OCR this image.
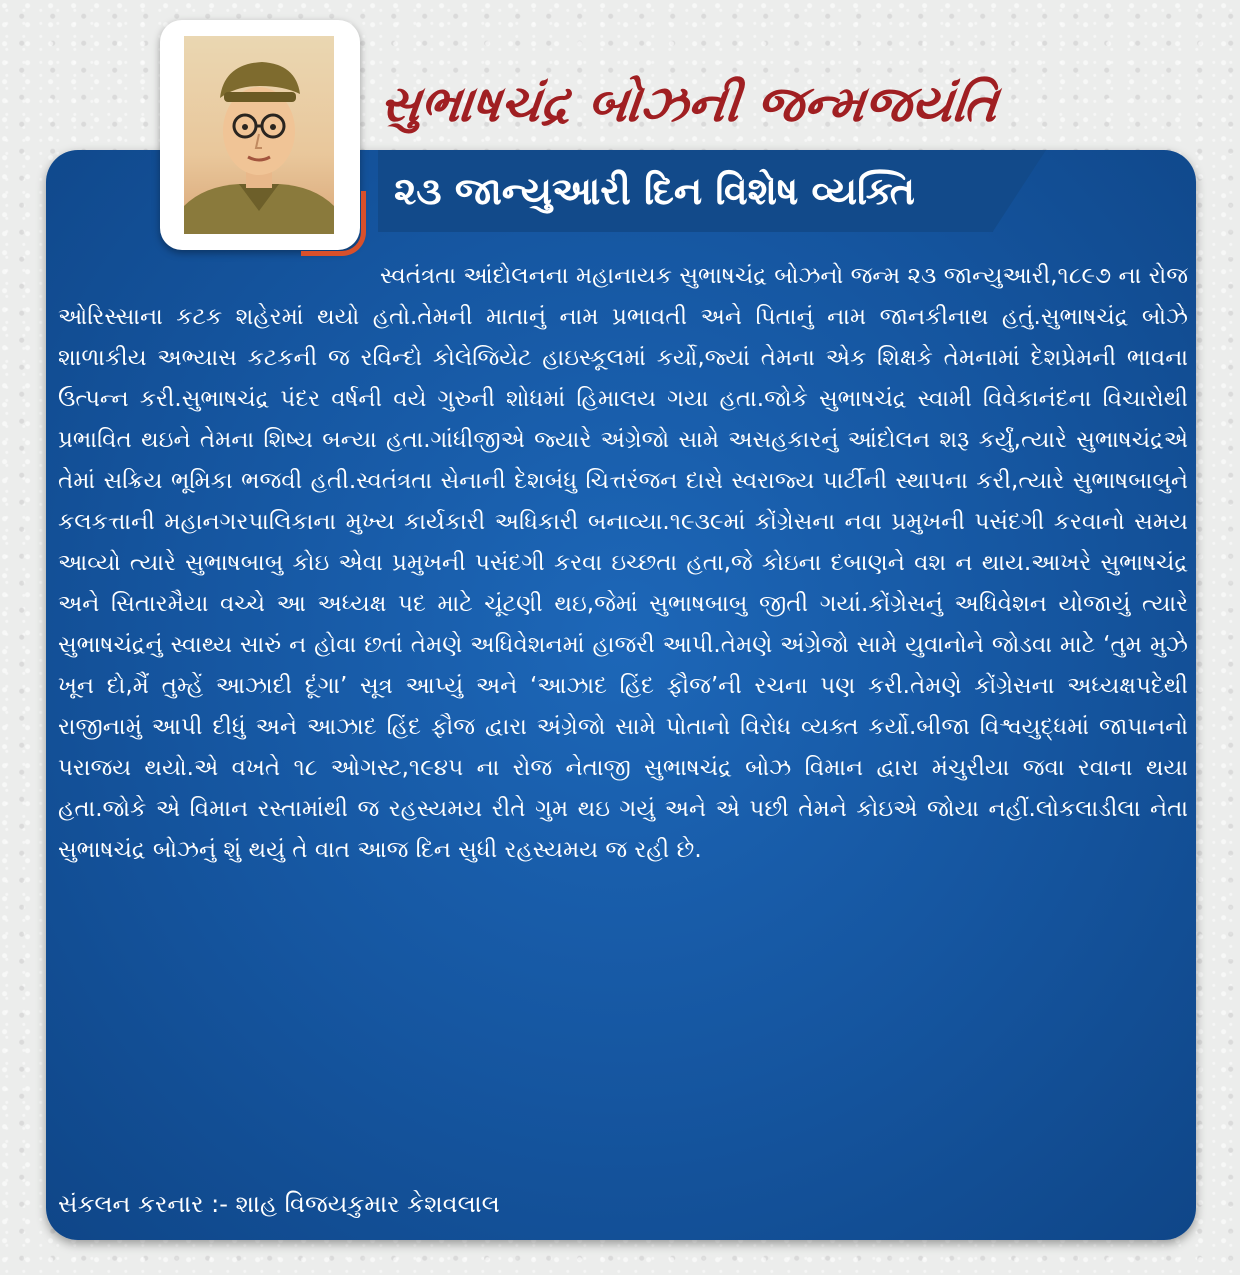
સુભાષચંદ્ર બોઝની જન્મજયંતિ
૨૩ જાન્યુઆરી દિન વિશેષ વ્યક્તિ

સ્વતંત્રતા આંદોલનના મહાનાયક સુભાષચંદ્ર બોઝનો જન્મ ૨૩ જાન્યુઆરી,૧૮૯૭ ના રોજ ઓરિસ્સાના કટક શહેરમાં થયો હતો.તેમની માતાનું નામ પ્રભાવતી અને પિતાનું નામ જાનકીનાથ હતું.સુભાષચંદ્ર બોઝે શાળાકીય અભ્યાસ કટકની જ રવિન્દો કોલેજિયેટ હાઇસ્કૂલમાં કર્યો,જ્યાં તેમના એક શિક્ષકે તેમનામાં દેશપ્રેમની ભાવના ઉત્પન્ન કરી.સુભાષચંદ્ર પંદર વર્ષની વયે ગુરુની શોધમાં હિમાલય ગયા હતા.જોકે સુભાષચંદ્ર સ્વામી વિવેકાનંદના વિચારોથી પ્રભાવિત થઇને તેમના શિષ્ય બન્યા હતા.ગાંધીજીએ જ્યારે અંગ્રેજો સામે અસહકારનું આંદોલન શરૂ કર્યું,ત્યારે સુભાષચંદ્રએ તેમાં સક્રિય ભૂમિકા ભજવી હતી.સ્વતંત્રતા સેનાની દેશબંધુ ચિત્તરંજન દાસે સ્વરાજ્ય પાર્ટીની સ્થાપના કરી,ત્યારે સુભાષબાબુને કલકત્તાની મહાનગરપાલિકાના મુખ્ય કાર્યકારી અધિકારી બનાવ્યા.૧૯૩૯માં કોંગ્રેસના નવા પ્રમુખની પસંદગી કરવાનો સમય આવ્યો ત્યારે સુભાષબાબુ કોઇ એવા પ્રમુખની પસંદગી કરવા ઇચ્છતા હતા,જે કોઇના દબાણને વશ ન થાય.આખરે સુભાષચંદ્ર અને સિતારમૈયા વચ્ચે આ અધ્યક્ષ પદ માટે ચૂંટણી થઇ,જેમાં સુભાષબાબુ જીતી ગયાં.કોંગ્રેસનું અધિવેશન યોજાયું ત્યારે સુભાષચંદ્રનું સ્વાથ્ય સારું ન હોવા છતાં તેમણે અધિવેશનમાં હાજરી આપી.તેમણે અંગ્રેજો સામે યુવાનોને જોડવા માટે ‘તુમ મુઝે ખૂન દો,મૈં તુમ્હેં આઝાદી દૂંગા’ સૂત્ર આપ્યું અને ‘આઝાદ હિંદ ફૌજ’ની રચના પણ કરી.તેમણે કોંગ્રેસના અધ્યક્ષપદેથી રાજીનામું આપી દીધું અને આઝાદ હિંદ ફૌજ દ્વારા અંગ્રેજો સામે પોતાનો વિરોધ વ્યક્ત કર્યો.બીજા વિશ્વયુદ્ધમાં જાપાનનો પરાજય થયો.એ વખતે ૧૮ ઓગસ્ટ,૧૯૪૫ ના રોજ નેતાજી સુભાષચંદ્ર બોઝ વિમાન દ્વારા મંચુરીયા જવા રવાના થયા હતા.જોકે એ વિમાન રસ્તામાંથી જ રહસ્યમય રીતે ગુમ થઇ ગયું અને એ પછી તેમને કોઇએ જોયા નહીં.લોકલાડીલા નેતા સુભાષચંદ્ર બોઝનું શું થયું તે વાત આજ દિન સુધી રહસ્યમય જ રહી છે.

સંકલન કરનાર :- શાહ વિજયકુમાર કેશવલાલ
